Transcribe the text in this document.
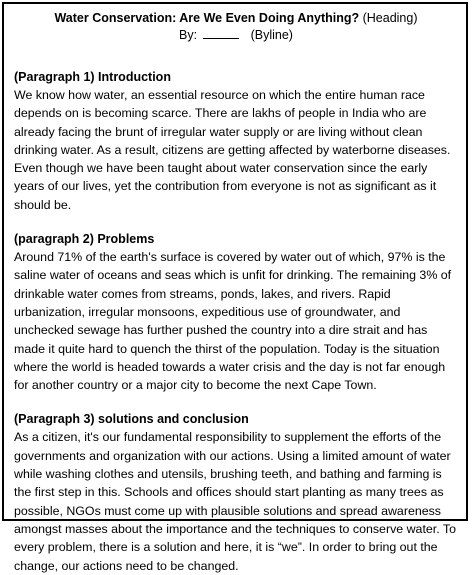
Water Conservation: Are We Even Doing Anything? (Heading)
By:	(Byline)

(Paragraph 1) Introduction

We know how water, an essential resource on which the entire human race depends on is becoming scarce. There are lakhs of people in India who are already facing the brunt of irregular water supply or are living without clean drinking water. As a result, citizens are getting affected by waterborne diseases. Even though we have been taught about water conservation since the early years of our lives, yet the contribution from everyone is not as significant as it should be.

(paragraph 2) Problems

Around 71% of the earth's surface is covered by water out of which, 97% is the saline water of oceans and seas which is unfit for drinking. The remaining 3% of drinkable water comes from streams, ponds, lakes, and rivers. Rapid urbanization, irregular monsoons, expeditious use of groundwater, and unchecked sewage has further pushed the country into a dire strait and has made it quite hard to quench the thirst of the population. Today is the situation where the world is headed towards a water crisis and the day is not far enough for another country or a major city to become the next Cape Town.

(Paragraph 3) solutions and conclusion

As a citizen, it's our fundamental responsibility to supplement the efforts of the governments and organization with our actions. Using a limited amount of water while washing clothes and utensils, brushing teeth, and bathing and farming is the first step in this. Schools and offices should start planting as many trees as possible, NGOs must come up with plausible solutions and spread awareness amongst masses about the importance and the techniques to conserve water. To every problem, there is a solution and here, it is “we”. In order to bring out the change, our actions need to be changed.
